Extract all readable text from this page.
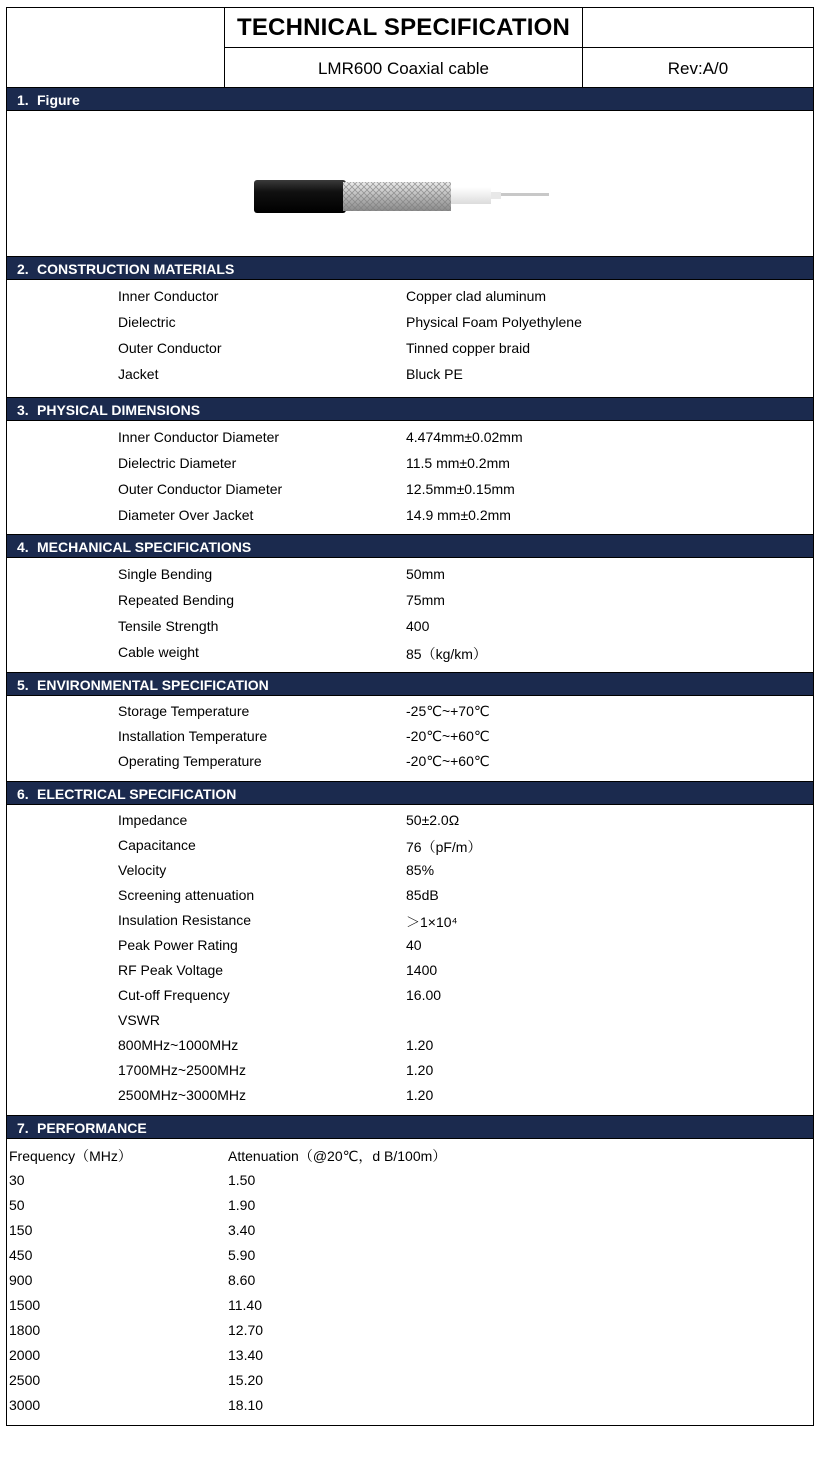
TECHNICAL SPECIFICATION
LMR600 Coaxial cable	Rev:A/0
1. Figure
2. CONSTRUCTION MATERIALS
Inner Conductor	Copper clad aluminum
Dielectric	Physical Foam Polyethylene
Outer Conductor	Tinned copper braid
Jacket	Bluck PE
3. PHYSICAL DIMENSIONS
Inner Conductor Diameter	4.474mm±0.02mm
Dielectric Diameter	11.5 mm±0.2mm
Outer Conductor Diameter	12.5mm±0.15mm
Diameter Over Jacket	14.9 mm±0.2mm
4. MECHANICAL SPECIFICATIONS
Single Bending	50mm
Repeated Bending	75mm
Tensile Strength	400
Cable weight	85（kg/km）
5. ENVIRONMENTAL SPECIFICATION
Storage Temperature	-25℃~+70℃
Installation Temperature	-20℃~+60℃
Operating Temperature	-20℃~+60℃
6. ELECTRICAL SPECIFICATION
Impedance	50±2.0Ω
Capacitance	76（pF/m）
Velocity	85%
Screening attenuation	85dB
Insulation Resistance	＞1×10⁴
Peak Power Rating	40
RF Peak Voltage	1400
Cut-off Frequency	16.00
VSWR
800MHz~1000MHz	1.20
1700MHz~2500MHz	1.20
2500MHz~3000MHz	1.20
7. PERFORMANCE
Frequency（MHz）	Attenuation（@20℃，d B/100m）
30	1.50
50	1.90
150	3.40
450	5.90
900	8.60
1500	11.40
1800	12.70
2000	13.40
2500	15.20
3000	18.10
